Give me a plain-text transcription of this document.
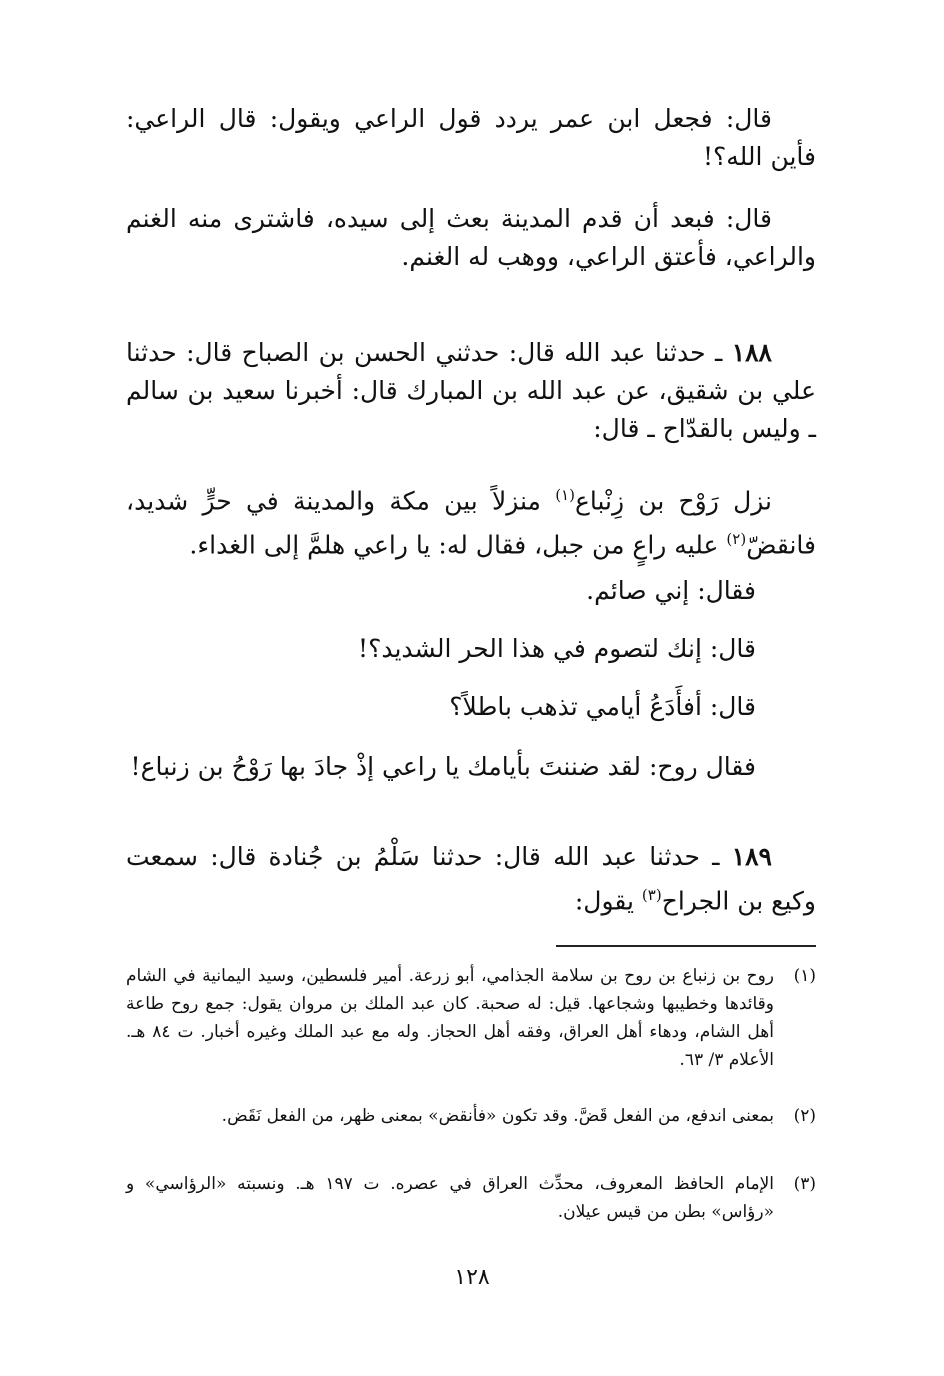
قال: فجعل ابن عمر يردد قول الراعي ويقول: قال الراعي: فأين الله؟!

قال: فبعد أن قدم المدينة بعث إلى سيده، فاشترى منه الغنم والراعي، فأعتق الراعي، ووهب له الغنم.

١٨٨ ـ حدثنا عبد الله قال: حدثني الحسن بن الصباح قال: حدثنا علي بن شقيق، عن عبد الله بن المبارك قال: أخبرنا سعيد بن سالم ـ وليس بالقدّاح ـ قال:

نزل رَوْح بن زِنْباع$^{(١)}$ منزلاً بين مكة والمدينة في حرٍّ شديد، فانقضّ$^{(٢)}$ عليه راعٍ من جبل، فقال له: يا راعي هلمَّ إلى الغداء.

فقال: إني صائم.
قال: إنك لتصوم في هذا الحر الشديد؟!
قال: أفأَدَعُ أيامي تذهب باطلاً؟
فقال روح: لقد ضننتَ بأيامك يا راعي إذْ جادَ بها رَوْحُ بن زنباع!

١٨٩ ـ حدثنا عبد الله قال: حدثنا سَلْمُ بن جُنادة قال: سمعت وكيع بن الجراح$^{(٣)}$ يقول:

(١)
روح بن زنباع بن روح بن سلامة الجذامي، أبو زرعة. أمير فلسطين، وسيد اليمانية في الشام وقائدها وخطيبها وشجاعها. قيل: له صحبة. كان عبد الملك بن مروان يقول: جمع روح طاعة أهل الشام، ودهاء أهل العراق، وفقه أهل الحجاز. وله مع عبد الملك وغيره أخبار. ت ٨٤ هـ. الأعلام ٣/ ٦٣.
(٢)
بمعنى اندفع، من الفعل قَضَّ. وقد تكون «فأنقض» بمعنى ظهر، من الفعل نَقَض.
(٣)
الإمام الحافظ المعروف، محدِّث العراق في عصره. ت ١٩٧ هـ. ونسبته «الرؤاسي» و «رؤاس» بطن من قيس عيلان.
١٢٨
